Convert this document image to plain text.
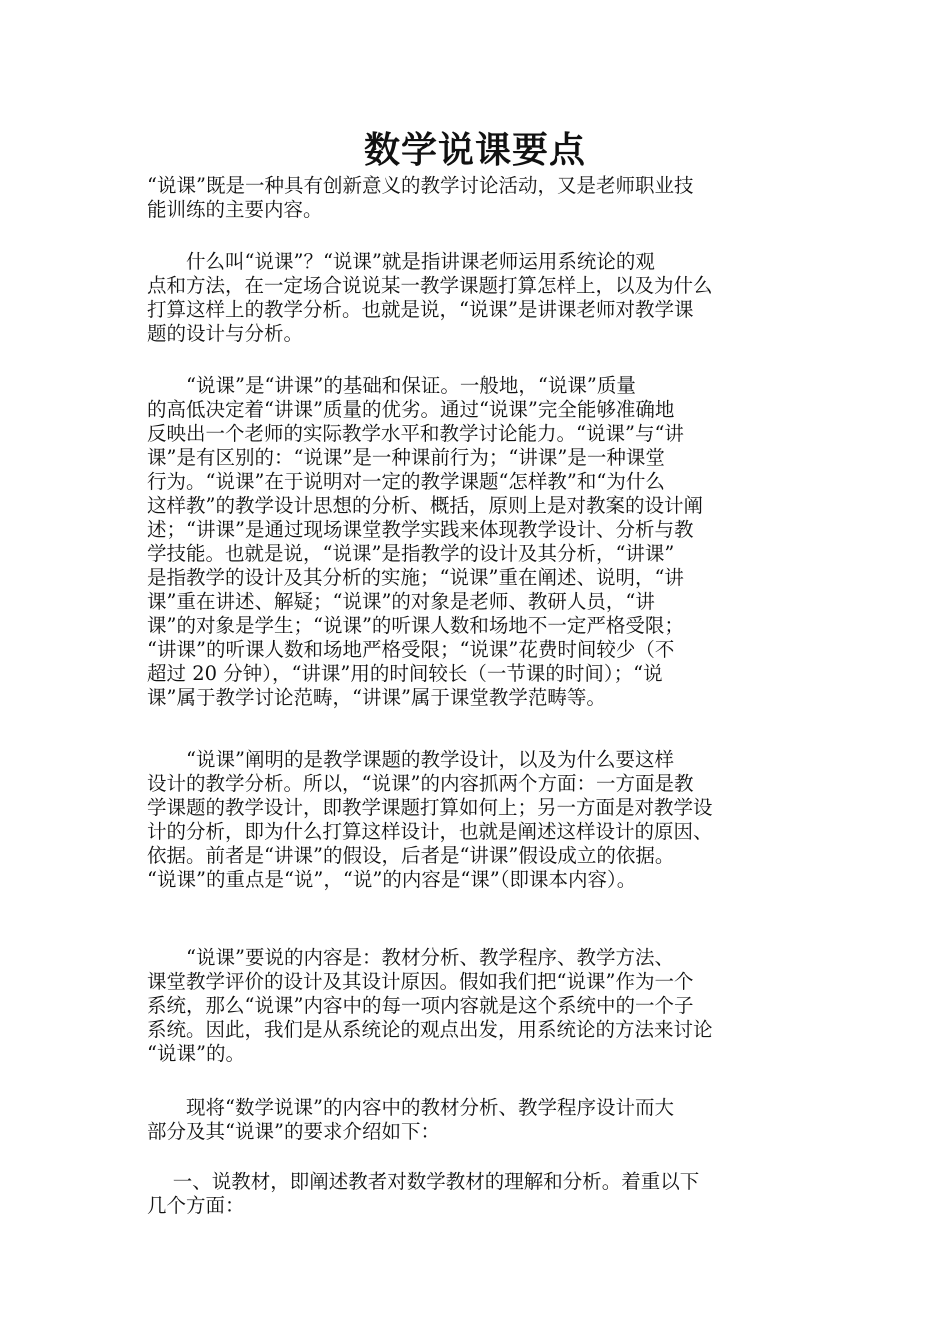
数学说课要点
“说课”既是一种具有创新意义的教学讨论活动，又是老师职业技
能训练的主要内容。
　　什么叫“说课”？“说课”就是指讲课老师运用系统论的观
点和方法，在一定场合说说某一教学课题打算怎样上，以及为什么
打算这样上的教学分析。也就是说，“说课”是讲课老师对教学课
题的设计与分析。
　　“说课”是“讲课”的基础和保证。一般地，“说课”质量
的高低决定着“讲课”质量的优劣。通过“说课”完全能够准确地
反映出一个老师的实际教学水平和教学讨论能力。“说课”与“讲
课”是有区别的：“说课”是一种课前行为；“讲课”是一种课堂
行为。“说课”在于说明对一定的教学课题“怎样教”和“为什么
这样教”的教学设计思想的分析、概括，原则上是对教案的设计阐
述；“讲课”是通过现场课堂教学实践来体现教学设计、分析与教
学技能。也就是说，“说课”是指教学的设计及其分析，“讲课”
是指教学的设计及其分析的实施；“说课”重在阐述、说明，“讲
课”重在讲述、解疑；“说课”的对象是老师、教研人员，“讲
课”的对象是学生；“说课”的听课人数和场地不一定严格受限；
“讲课”的听课人数和场地严格受限；“说课”花费时间较少（不
超过 20 分钟），“讲课”用的时间较长（一节课的时间）；“说
课”属于教学讨论范畴，“讲课”属于课堂教学范畴等。
　　“说课”阐明的是教学课题的教学设计，以及为什么要这样
设计的教学分析。所以，“说课”的内容抓两个方面：一方面是教
学课题的教学设计，即教学课题打算如何上；另一方面是对教学设
计的分析，即为什么打算这样设计，也就是阐述这样设计的原因、
依据。前者是“讲课”的假设，后者是“讲课”假设成立的依据。
“说课”的重点是“说”，“说”的内容是“课”（即课本内容）。
　　“说课”要说的内容是：教材分析、教学程序、教学方法、
课堂教学评价的设计及其设计原因。假如我们把“说课”作为一个
系统，那么“说课”内容中的每一项内容就是这个系统中的一个子
系统。因此，我们是从系统论的观点出发，用系统论的方法来讨论
“说课”的。
　　现将“数学说课”的内容中的教材分析、教学程序设计而大
部分及其“说课”的要求介绍如下：
　 一、说教材，即阐述教者对数学教材的理解和分析。着重以下
几个方面：
